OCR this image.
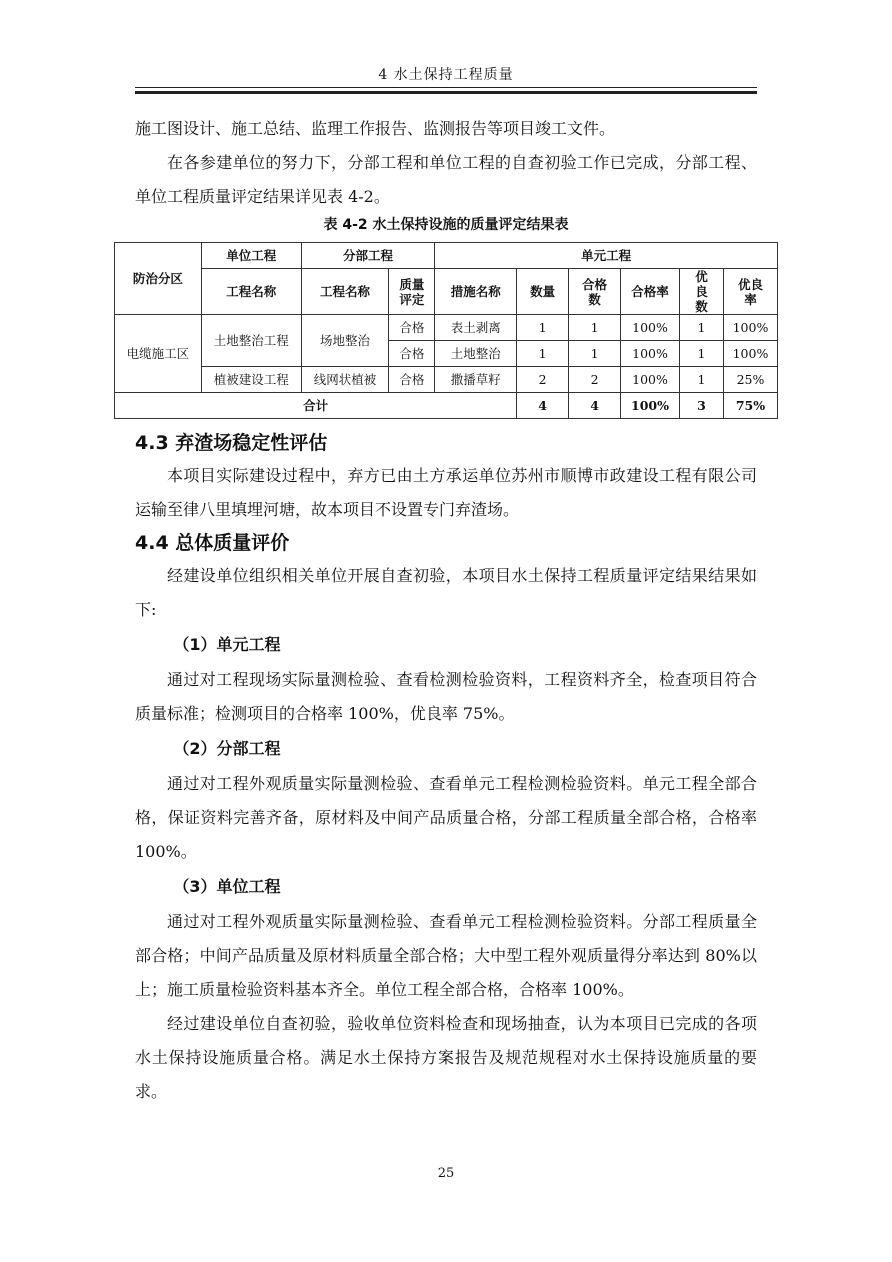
4 水土保持工程质量

施工图设计、施工总结、监理工作报告、监测报告等项目竣工文件。

在各参建单位的努力下，分部工程和单位工程的自查初验工作已完成，分部工程、单位工程质量评定结果详见表 4-2。

表 4-2 水土保持设施的质量评定结果表
防治分区	单位工程	分部工程		单元工程					
	工程名称	工程名称	质量评定	措施名称	数量	合格数	合格率	优良数	优良率
电缆施工区	土地整治工程	场地整治	合格	表土剥离	1	1	100%	1	100%
			合格	土地整治	1	1	100%	1	100%
	植被建设工程	线网状植被	合格	撒播草籽	2	2	100%	1	25%
合计					4	4	100%	3	75%
4.3 弃渣场稳定性评估

本项目实际建设过程中，弃方已由土方承运单位苏州市顺博市政建设工程有限公司运输至律八里填埋河塘，故本项目不设置专门弃渣场。

4.4 总体质量评价

经建设单位组织相关单位开展自查初验，本项目水土保持工程质量评定结果结果如下:

（1）单元工程

通过对工程现场实际量测检验、查看检测检验资料，工程资料齐全，检查项目符合质量标准；检测项目的合格率 100%，优良率 75%。

（2）分部工程

通过对工程外观质量实际量测检验、查看单元工程检测检验资料。单元工程全部合格，保证资料完善齐备，原材料及中间产品质量合格，分部工程质量全部合格，合格率 100%。

（3）单位工程

通过对工程外观质量实际量测检验、查看单元工程检测检验资料。分部工程质量全部合格；中间产品质量及原材料质量全部合格；大中型工程外观质量得分率达到 80%以上；施工质量检验资料基本齐全。单位工程全部合格，合格率 100%。

经过建设单位自查初验，验收单位资料检查和现场抽查，认为本项目已完成的各项水土保持设施质量合格。满足水土保持方案报告及规范规程对水土保持设施质量的要求。

25
